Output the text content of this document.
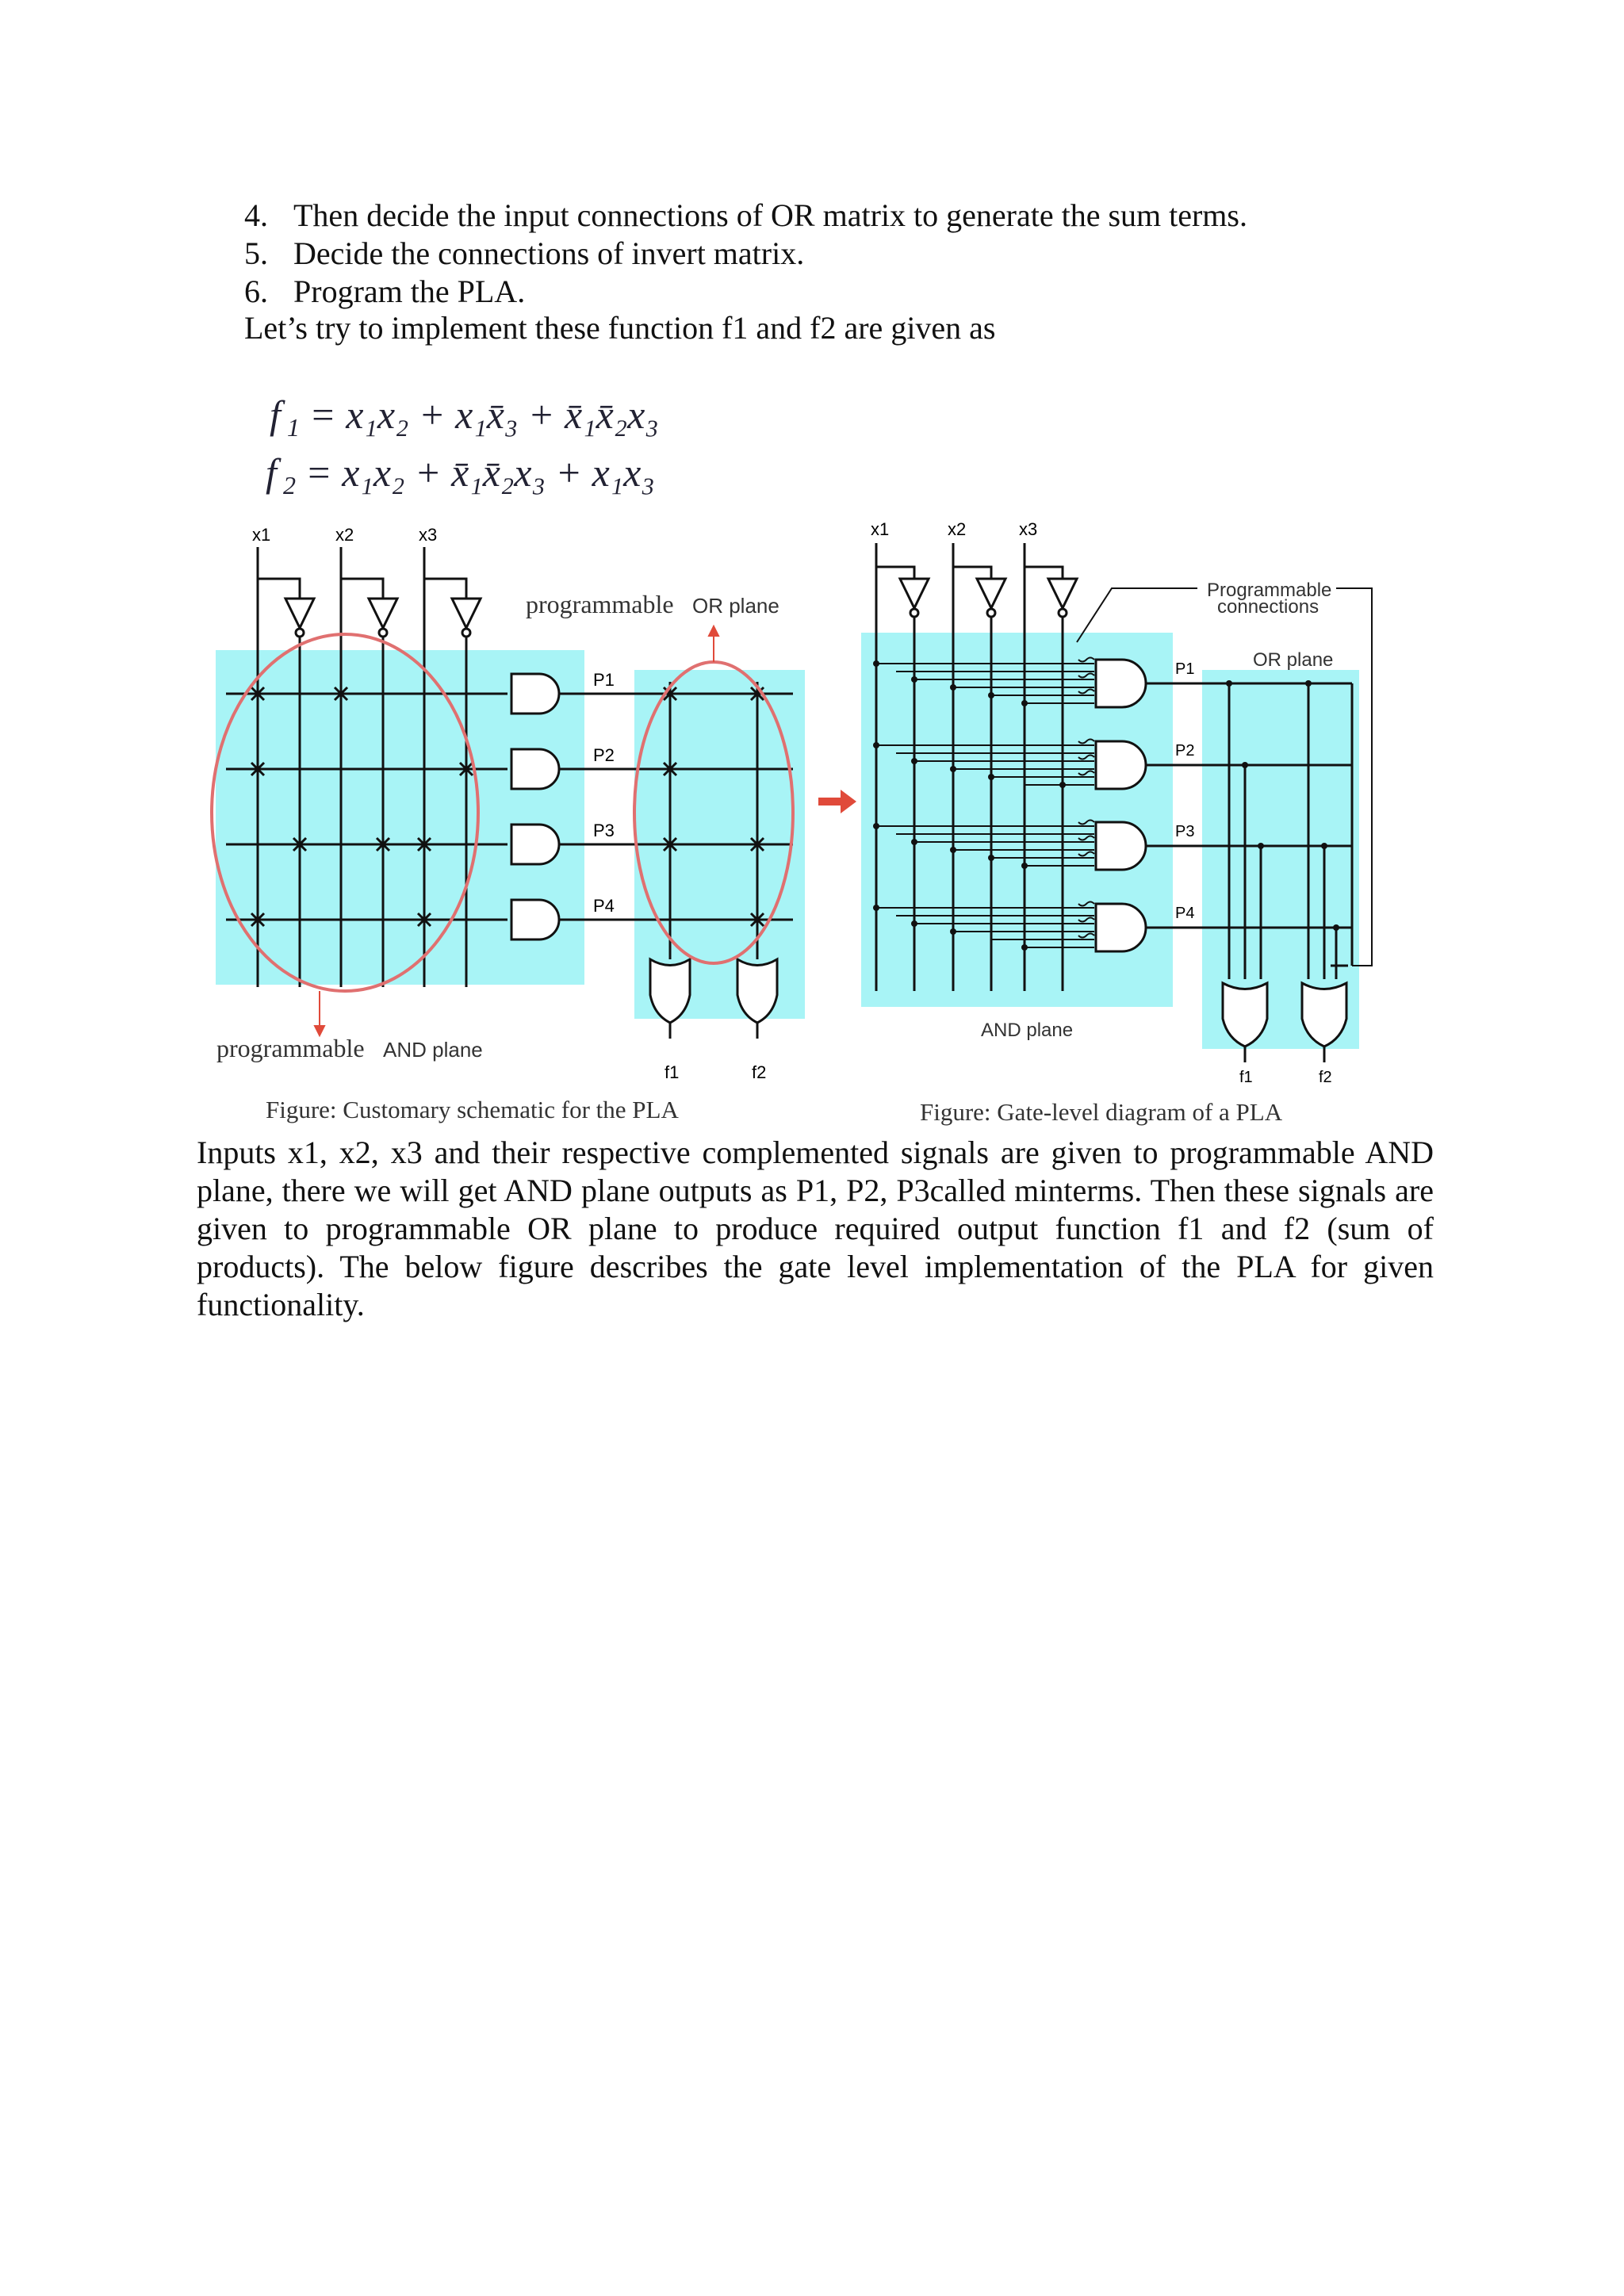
4. Then decide the input connections of OR matrix to generate the sum terms.
5. Decide the connections of invert matrix.
6. Program the PLA.

Let’s try to implement these function f1 and f2 are given as

f 1 = x₁x₂ + x₁x̄₃ + x̄₁x̄₂x₃
f 2 = x₁x₂ + x̄₁x̄₂x₃ + x₁x₃
x1	x2	x3
P1
P2
P3
P4
f1	f2
programmable OR plane
programmable AND plane
Figure: Customary schematic for the PLA
x1	x2	x3
P1
P2
P3
P4
f1	f2
Programmable
connections
OR plane
AND plane
Figure: Gate-level diagram of a PLA

Inputs x1, x2, x3 and their respective complemented signals are given to programmable AND plane, there we will get AND plane outputs as P1, P2, P3called minterms. Then these signals are given to programmable OR plane to produce required output function f1 and f2 (sum of products). The below figure describes the gate level implementation of the PLA for given functionality.
